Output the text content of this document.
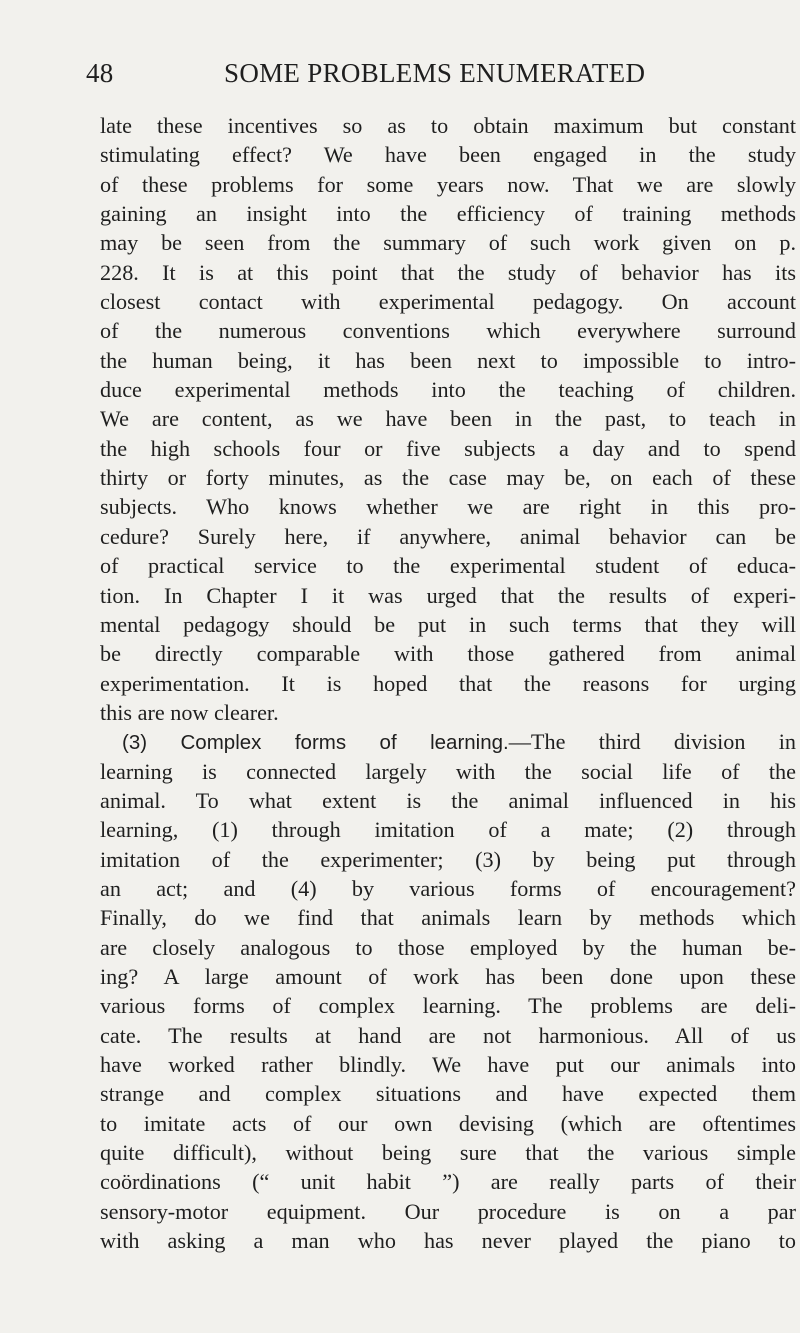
48	SOME PROBLEMS ENUMERATED
late these incentives so as to obtain maximum but constant
stimulating effect? We have been engaged in the study
of these problems for some years now. That we are slowly
gaining an insight into the efficiency of training methods
may be seen from the summary of such work given on p.
228. It is at this point that the study of behavior has its
closest contact with experimental pedagogy. On account
of the numerous conventions which everywhere surround
the human being, it has been next to impossible to intro-
duce experimental methods into the teaching of children.
We are content, as we have been in the past, to teach in
the high schools four or five subjects a day and to spend
thirty or forty minutes, as the case may be, on each of these
subjects. Who knows whether we are right in this pro-
cedure? Surely here, if anywhere, animal behavior can be
of practical service to the experimental student of educa-
tion. In Chapter I it was urged that the results of experi-
mental pedagogy should be put in such terms that they will
be directly comparable with those gathered from animal
experimentation. It is hoped that the reasons for urging
this are now clearer.
(3) Complex forms of learning.—The third division in
learning is connected largely with the social life of the
animal. To what extent is the animal influenced in his
learning, (1) through imitation of a mate; (2) through
imitation of the experimenter; (3) by being put through
an act; and (4) by various forms of encouragement?
Finally, do we find that animals learn by methods which
are closely analogous to those employed by the human be-
ing? A large amount of work has been done upon these
various forms of complex learning. The problems are deli-
cate. The results at hand are not harmonious. All of us
have worked rather blindly. We have put our animals into
strange and complex situations and have expected them
to imitate acts of our own devising (which are oftentimes
quite difficult), without being sure that the various simple
coördinations (“ unit habit ”) are really parts of their
sensory-motor equipment. Our procedure is on a par
with asking a man who has never played the piano to
